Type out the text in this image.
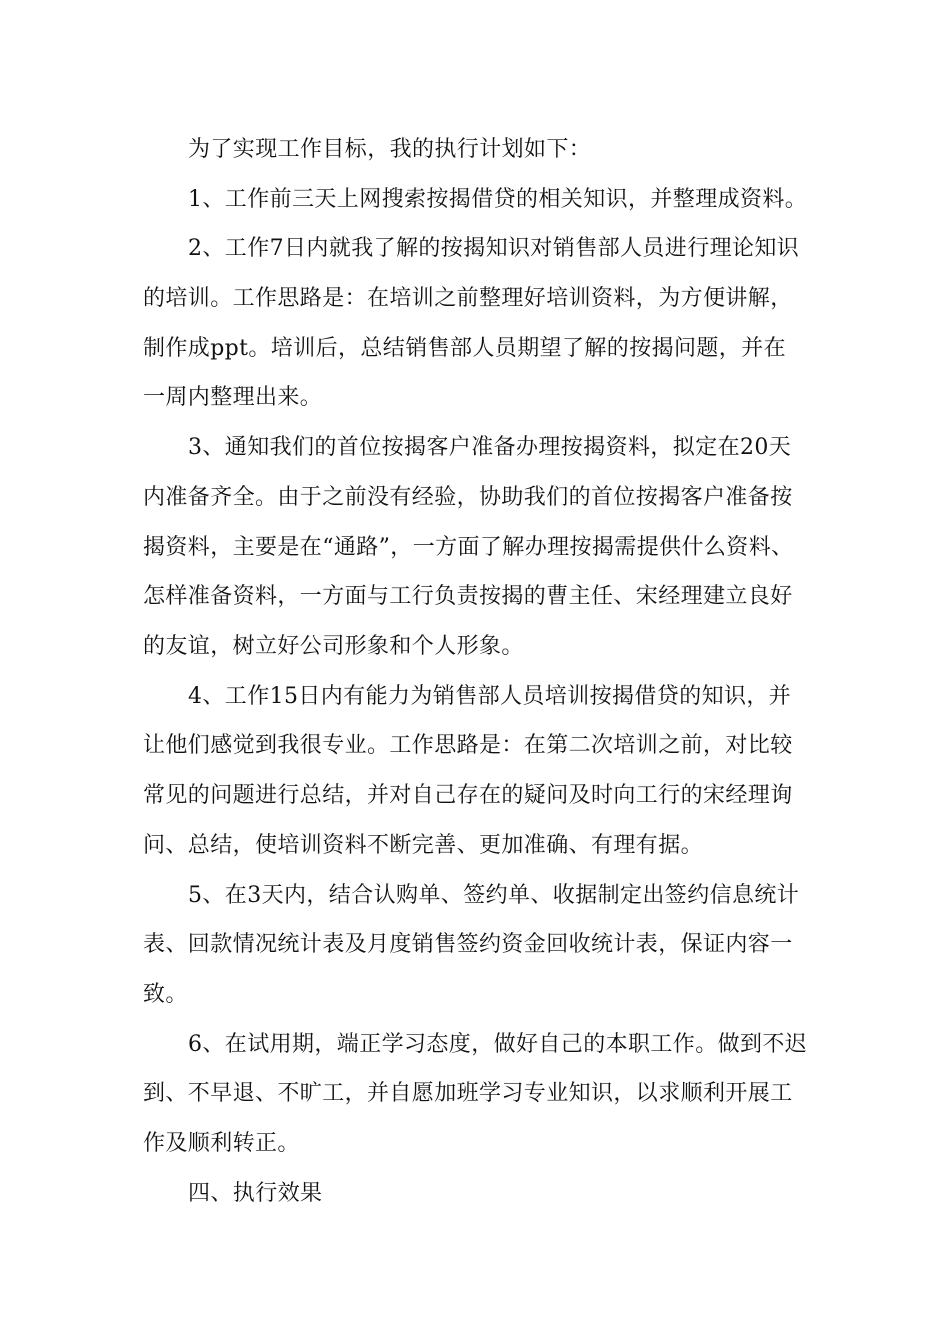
为了实现工作目标，我的执行计划如下：
1、工作前三天上网搜索按揭借贷的相关知识，并整理成资料。
2、工作7日内就我了解的按揭知识对销售部人员进行理论知识
的培训。工作思路是：在培训之前整理好培训资料，为方便讲解，
制作成ppt。培训后，总结销售部人员期望了解的按揭问题，并在
一周内整理出来。
3、通知我们的首位按揭客户准备办理按揭资料，拟定在20天
内准备齐全。由于之前没有经验，协助我们的首位按揭客户准备按
揭资料，主要是在“通路”，一方面了解办理按揭需提供什么资料、
怎样准备资料，一方面与工行负责按揭的曹主任、宋经理建立良好
的友谊，树立好公司形象和个人形象。
4、工作15日内有能力为销售部人员培训按揭借贷的知识，并
让他们感觉到我很专业。工作思路是：在第二次培训之前，对比较
常见的问题进行总结，并对自己存在的疑问及时向工行的宋经理询
问、总结，使培训资料不断完善、更加准确、有理有据。
5、在3天内，结合认购单、签约单、收据制定出签约信息统计
表、回款情况统计表及月度销售签约资金回收统计表，保证内容一
致。
6、在试用期，端正学习态度，做好自己的本职工作。做到不迟
到、不早退、不旷工，并自愿加班学习专业知识，以求顺利开展工
作及顺利转正。
四、执行效果
